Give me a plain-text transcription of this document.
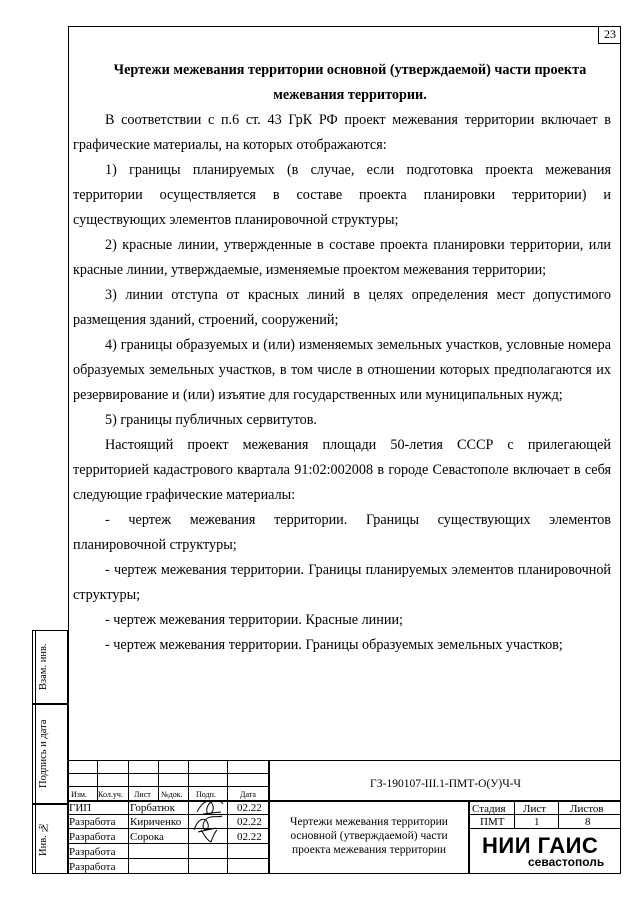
23
Чертежи межевания территории основной (утверждаемой) части проекта
межевания территории.

В соответствии с п.6 ст. 43 ГрК РФ проект межевания территории включает в графические материалы, на которых отображаются:

1) границы планируемых (в случае, если подготовка проекта межевания территории осуществляется в составе проекта планировки территории) и существующих элементов планировочной структуры;

2) красные линии, утвержденные в составе проекта планировки территории, или красные линии, утверждаемые, изменяемые проектом межевания территории;

3) линии отступа от красных линий в целях определения мест допустимого размещения зданий, строений, сооружений;

4) границы образуемых и (или) изменяемых земельных участков, условные номера образуемых земельных участков, в том числе в отношении которых предполагаются их резервирование и (или) изъятие для государственных или муниципальных нужд;

5) границы публичных сервитутов.

Настоящий проект межевания площади 50-летия СССР с прилегающей территорией кадастрового квартала 91:02:002008 в городе Севастополе включает в себя следующие графические материалы:

- чертеж межевания территории. Границы существующих элементов планировочной структуры;

- чертеж межевания территории. Границы планируемых элементов планировочной структуры;

- чертеж межевания территории. Красные линии;

- чертеж межевания территории. Границы образуемых земельных участков;

Взам. инв.
Подпись и дата
Инв. №
Изм. Кол.уч. Лист №док. Подп.	Дата
ГИП	Горбатюк	02.22
Разработа Кириченко	02.22
Разработа Сорока	02.22
Разработа
Разработа
ГЗ-190107-III.1-ПМТ-О(У)Ч-Ч
Чертежи межевания территории основной (утверждаемой) части проекта межевания территории
Стадия Лист Листов
ПМТ	1	8
НИИ ГАИС
севастополь
